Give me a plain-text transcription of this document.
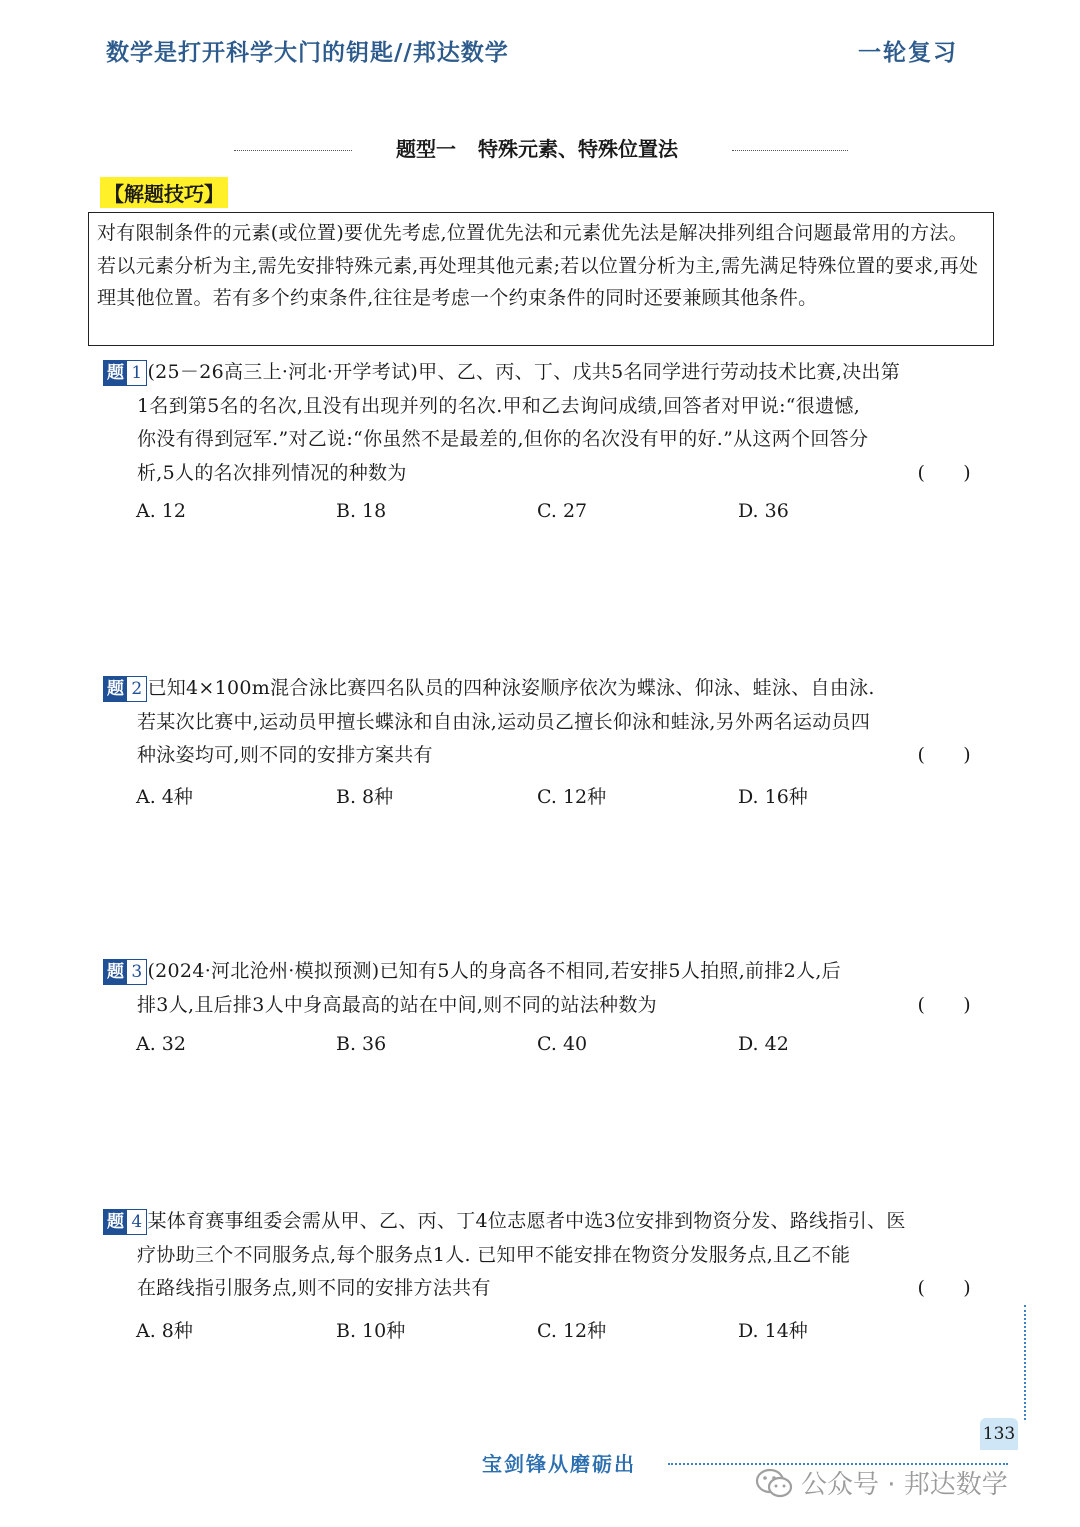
数学是打开科学大门的钥匙//邦达数学	一轮复习
题型一 特殊元素、特殊位置法
【解题技巧】
对有限制条件的元素(或位置)要优先考虑,位置优先法和元素优先法是解决排列组合问题最常用的方法。若以元素分析为主,需先安排特殊元素,再处理其他元素;若以位置分析为主,需先满足特殊位置的要求,再处理其他位置。若有多个约束条件,往往是考虑一个约束条件的同时还要兼顾其他条件。
题 1 (25－26高三上·河北·开学考试)甲、乙、丙、丁、戊共5名同学进行劳动技术比赛,决出第
1名到第5名的名次,且没有出现并列的名次.甲和乙去询问成绩,回答者对甲说:“很遗憾,
你没有得到冠军.”对乙说:“你虽然不是最差的,但你的名次没有甲的好.”从这两个回答分
析,5人的名次排列情况的种数为	(      )
A. 12	B. 18	C. 27	D. 36
题 2 已知4×100m混合泳比赛四名队员的四种泳姿顺序依次为蝶泳、仰泳、蛙泳、自由泳.
若某次比赛中,运动员甲擅长蝶泳和自由泳,运动员乙擅长仰泳和蛙泳,另外两名运动员四
种泳姿均可,则不同的安排方案共有	(      )
A. 4种	B. 8种	C. 12种	D. 16种
题 3 (2024·河北沧州·模拟预测)已知有5人的身高各不相同,若安排5人拍照,前排2人,后
排3人,且后排3人中身高最高的站在中间,则不同的站法种数为	(      )
A. 32	B. 36	C. 40	D. 42
题 4 某体育赛事组委会需从甲、乙、丙、丁4位志愿者中选3位安排到物资分发、路线指引、医
疗协助三个不同服务点,每个服务点1人. 已知甲不能安排在物资分发服务点,且乙不能
在路线指引服务点,则不同的安排方法共有	(      )
A. 8种	B. 10种	C. 12种	D. 14种
133
宝剑锋从磨砺出
公众号 · 邦达数学
